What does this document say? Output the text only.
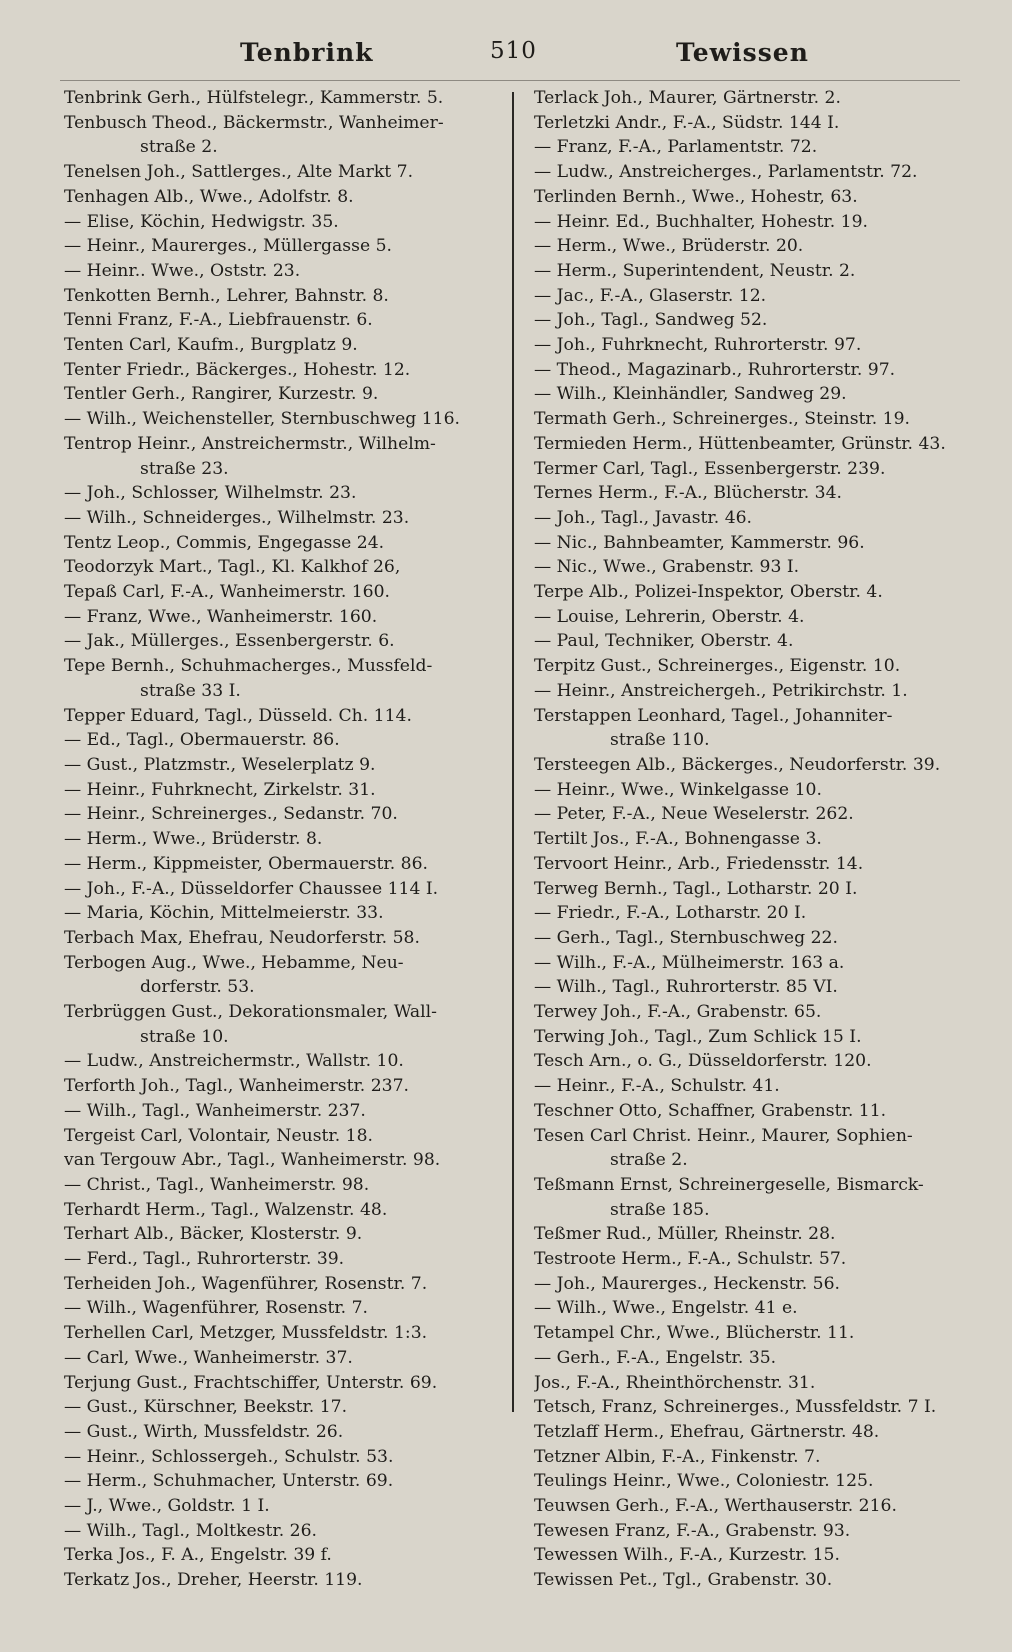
Tenbrink	510	Tewissen
Tenbrink Gerh., Hülfstelegr., Kammerstr. 5.
Tenbusch Theod., Bäckermstr., Wanheimer-
straße 2.
Tenelsen Joh., Sattlerges., Alte Markt 7.
Tenhagen Alb., Wwe., Adolfstr. 8.
— Elise, Köchin, Hedwigstr. 35.
— Heinr., Maurerges., Müllergasse 5.
— Heinr.. Wwe., Oststr. 23.
Tenkotten Bernh., Lehrer, Bahnstr. 8.
Tenni Franz, F.-A., Liebfrauenstr. 6.
Tenten Carl, Kaufm., Burgplatz 9.
Tenter Friedr., Bäckerges., Hohestr. 12.
Tentler Gerh., Rangirer, Kurzestr. 9.
— Wilh., Weichensteller, Sternbuschweg 116.
Tentrop Heinr., Anstreichermstr., Wilhelm-
straße 23.
— Joh., Schlosser, Wilhelmstr. 23.
— Wilh., Schneiderges., Wilhelmstr. 23.
Tentz Leop., Commis, Engegasse 24.
Teodorzyk Mart., Tagl., Kl. Kalkhof 26,
Tepaß Carl, F.-A., Wanheimerstr. 160.
— Franz, Wwe., Wanheimerstr. 160.
— Jak., Müllerges., Essenbergerstr. 6.
Tepe Bernh., Schuhmacherges., Mussfeld-
straße 33 I.
Tepper Eduard, Tagl., Düsseld. Ch. 114.
— Ed., Tagl., Obermauerstr. 86.
— Gust., Platzmstr., Weselerplatz 9.
— Heinr., Fuhrknecht, Zirkelstr. 31.
— Heinr., Schreinerges., Sedanstr. 70.
— Herm., Wwe., Brüderstr. 8.
— Herm., Kippmeister, Obermauerstr. 86.
— Joh., F.-A., Düsseldorfer Chaussee 114 I.
— Maria, Köchin, Mittelmeierstr. 33.
Terbach Max, Ehefrau, Neudorferstr. 58.
Terbogen Aug., Wwe., Hebamme, Neu-
dorferstr. 53.
Terbrüggen Gust., Dekorationsmaler, Wall-
straße 10.
— Ludw., Anstreichermstr., Wallstr. 10.
Terforth Joh., Tagl., Wanheimerstr. 237.
— Wilh., Tagl., Wanheimerstr. 237.
Tergeist Carl, Volontair, Neustr. 18.
van Tergouw Abr., Tagl., Wanheimerstr. 98.
— Christ., Tagl., Wanheimerstr. 98.
Terhardt Herm., Tagl., Walzenstr. 48.
Terhart Alb., Bäcker, Klosterstr. 9.
— Ferd., Tagl., Ruhrorterstr. 39.
Terheiden Joh., Wagenführer, Rosenstr. 7.
— Wilh., Wagenführer, Rosenstr. 7.
Terhellen Carl, Metzger, Mussfeldstr. 1:3.
— Carl, Wwe., Wanheimerstr. 37.
Terjung Gust., Frachtschiffer, Unterstr. 69.
— Gust., Kürschner, Beekstr. 17.
— Gust., Wirth, Mussfeldstr. 26.
— Heinr., Schlossergeh., Schulstr. 53.
— Herm., Schuhmacher, Unterstr. 69.
— J., Wwe., Goldstr. 1 I.
— Wilh., Tagl., Moltkestr. 26.
Terka Jos., F. A., Engelstr. 39 f.
Terkatz Jos., Dreher, Heerstr. 119.
Terlack Joh., Maurer, Gärtnerstr. 2.
Terletzki Andr., F.-A., Südstr. 144 I.
— Franz, F.-A., Parlamentstr. 72.
— Ludw., Anstreicherges., Parlamentstr. 72.
Terlinden Bernh., Wwe., Hohestr, 63.
— Heinr. Ed., Buchhalter, Hohestr. 19.
— Herm., Wwe., Brüderstr. 20.
— Herm., Superintendent, Neustr. 2.
— Jac., F.-A., Glaserstr. 12.
— Joh., Tagl., Sandweg 52.
— Joh., Fuhrknecht, Ruhrorterstr. 97.
— Theod., Magazinarb., Ruhrorterstr. 97.
— Wilh., Kleinhändler, Sandweg 29.
Termath Gerh., Schreinerges., Steinstr. 19.
Termieden Herm., Hüttenbeamter, Grünstr. 43.
Termer Carl, Tagl., Essenbergerstr. 239.
Ternes Herm., F.-A., Blücherstr. 34.
— Joh., Tagl., Javastr. 46.
— Nic., Bahnbeamter, Kammerstr. 96.
— Nic., Wwe., Grabenstr. 93 I.
Terpe Alb., Polizei-Inspektor, Oberstr. 4.
— Louise, Lehrerin, Oberstr. 4.
— Paul, Techniker, Oberstr. 4.
Terpitz Gust., Schreinerges., Eigenstr. 10.
— Heinr., Anstreichergeh., Petrikirchstr. 1.
Terstappen Leonhard, Tagel., Johanniter-
straße 110.
Tersteegen Alb., Bäckerges., Neudorferstr. 39.
— Heinr., Wwe., Winkelgasse 10.
— Peter, F.-A., Neue Weselerstr. 262.
Tertilt Jos., F.-A., Bohnengasse 3.
Tervoort Heinr., Arb., Friedensstr. 14.
Terweg Bernh., Tagl., Lotharstr. 20 I.
— Friedr., F.-A., Lotharstr. 20 I.
— Gerh., Tagl., Sternbuschweg 22.
— Wilh., F.-A., Mülheimerstr. 163 a.
— Wilh., Tagl., Ruhrorterstr. 85 VI.
Terwey Joh., F.-A., Grabenstr. 65.
Terwing Joh., Tagl., Zum Schlick 15 I.
Tesch Arn., o. G., Düsseldorferstr. 120.
— Heinr., F.-A., Schulstr. 41.
Teschner Otto, Schaffner, Grabenstr. 11.
Tesen Carl Christ. Heinr., Maurer, Sophien-
straße 2.
Teßmann Ernst, Schreinergeselle, Bismarck-
straße 185.
Teßmer Rud., Müller, Rheinstr. 28.
Testroote Herm., F.-A., Schulstr. 57.
— Joh., Maurerges., Heckenstr. 56.
— Wilh., Wwe., Engelstr. 41 e.
Tetampel Chr., Wwe., Blücherstr. 11.
— Gerh., F.-A., Engelstr. 35.
Jos., F.-A., Rheinthörchenstr. 31.
Tetsch, Franz, Schreinerges., Mussfeldstr. 7 I.
Tetzlaff Herm., Ehefrau, Gärtnerstr. 48.
Tetzner Albin, F.-A., Finkenstr. 7.
Teulings Heinr., Wwe., Coloniestr. 125.
Teuwsen Gerh., F.-A., Werthauserstr. 216.
Tewesen Franz, F.-A., Grabenstr. 93.
Tewessen Wilh., F.-A., Kurzestr. 15.
Tewissen Pet., Tgl., Grabenstr. 30.
